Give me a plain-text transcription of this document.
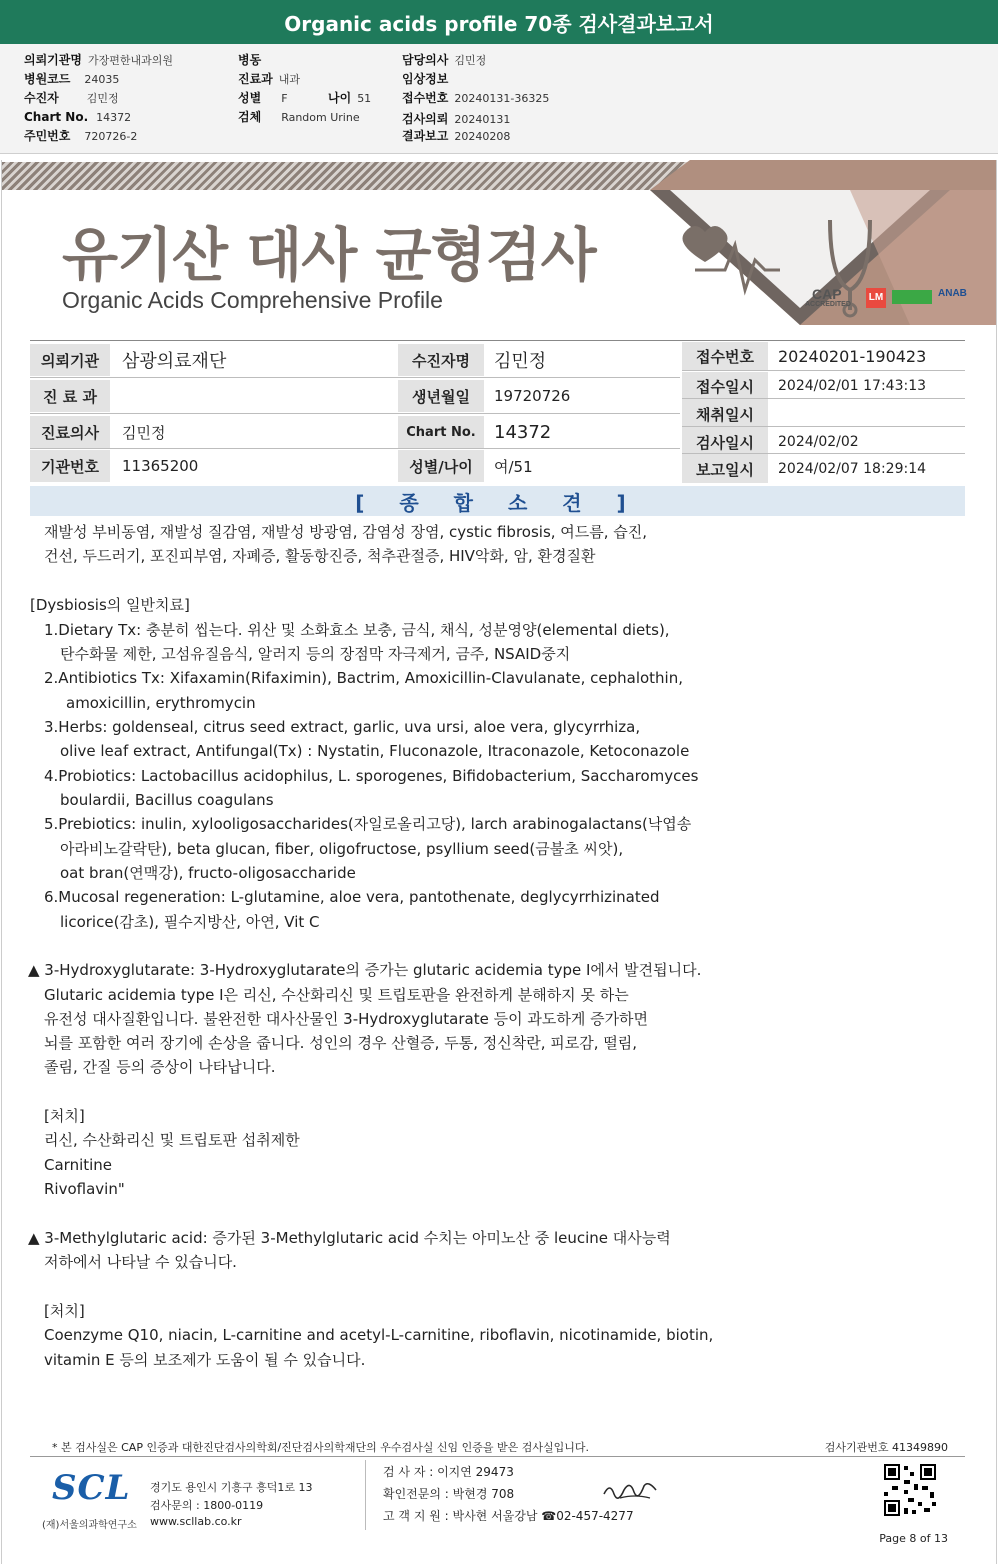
Organic acids profile 70종 검사결과보고서
의뢰기관명 가장편한내과의원
병원코드 24035
수진자	김민정
Chart No. 14372
주민번호 720726-2
병동
진료과 내과
성별 F
검체 Random Urine
나이 51
담당의사 김민정
임상정보
접수번호 20240131-36325
검사의뢰 20240131
결과보고 20240208
CAP
ACCREDITED
LM	ANAB
유기산 대사 균형검사
Organic Acids Comprehensive Profile
의뢰기관	삼광의료재단
진 료 과
진료의사	김민정
기관번호	11365200
수진자명	김민정
생년월일	19720726
Chart No.	14372
성별/나이	여/51
접수번호	20240201-190423
접수일시	2024/02/01 17:43:13
채취일시
검사일시	2024/02/02
보고일시	2024/02/07 18:29:14
[ 종 합 소 견 ]
재발성 부비동염, 재발성 질감염, 재발성 방광염, 감염성 장염, cystic fibrosis, 여드름, 습진,
건선, 두드러기, 포진피부염, 자폐증, 활동항진증, 척추관절증, HIV악화, 암, 환경질환
[Dysbiosis의 일반치료]
1.Dietary Tx: 충분히 씹는다. 위산 및 소화효소 보충, 금식, 채식, 성분영양(elemental diets),
탄수화물 제한, 고섬유질음식, 알러지 등의 장점막 자극제거, 금주, NSAID중지
2.Antibiotics Tx: Xifaxamin(Rifaximin), Bactrim, Amoxicillin-Clavulanate, cephalothin,
amoxicillin, erythromycin
3.Herbs: goldenseal, citrus seed extract, garlic, uva ursi, aloe vera, glycyrrhiza,
olive leaf extract, Antifungal(Tx) : Nystatin, Fluconazole, Itraconazole, Ketoconazole
4.Probiotics: Lactobacillus acidophilus, L. sporogenes, Bifidobacterium, Saccharomyces
boulardii, Bacillus coagulans
5.Prebiotics: inulin, xylooligosaccharides(자일로올리고당), larch arabinogalactans(낙엽송
아라비노갈락탄), beta glucan, fiber, oligofructose, psyllium seed(금불초 씨앗),
oat bran(연맥강), fructo-oligosaccharide
6.Mucosal regeneration: L-glutamine, aloe vera, pantothenate, deglycyrrhizinated
licorice(감초), 필수지방산, 아연, Vit C
▲ 3-Hydroxyglutarate: 3-Hydroxyglutarate의 증가는 glutaric acidemia type I에서 발견됩니다.
Glutaric acidemia type I은 리신, 수산화리신 및 트립토판을 완전하게 분해하지 못 하는
유전성 대사질환입니다. 불완전한 대사산물인 3-Hydroxyglutarate 등이 과도하게 증가하면
뇌를 포함한 여러 장기에 손상을 줍니다. 성인의 경우 산혈증, 두통, 정신착란, 피로감, 떨림,
졸림, 간질 등의 증상이 나타납니다.
[처치]
리신, 수산화리신 및 트립토판 섭취제한
Carnitine
Rivoflavin"
▲ 3-Methylglutaric acid: 증가된 3-Methylglutaric acid 수치는 아미노산 중 leucine 대사능력
저하에서 나타날 수 있습니다.
[처치]
Coenzyme Q10, niacin, L-carnitine and acetyl-L-carnitine, riboflavin, nicotinamide, biotin,
vitamin E 등의 보조제가 도움이 될 수 있습니다.
* 본 검사실은 CAP 인증과 대한진단검사의학회/진단검사의학재단의 우수검사실 신임 인증을 받은 검사실입니다.	검사기관번호 41349890
SCL
(재)서울의과학연구소
경기도 용인시 기흥구 흥덕1로 13
검사문의 : 1800-0119
www.scllab.co.kr
검 사 자 : 이지연 29473
확인전문의 : 박현경 708
고 객 지 원 : 박사현 서울강남 ☎02-457-4277
Page 8 of 13
